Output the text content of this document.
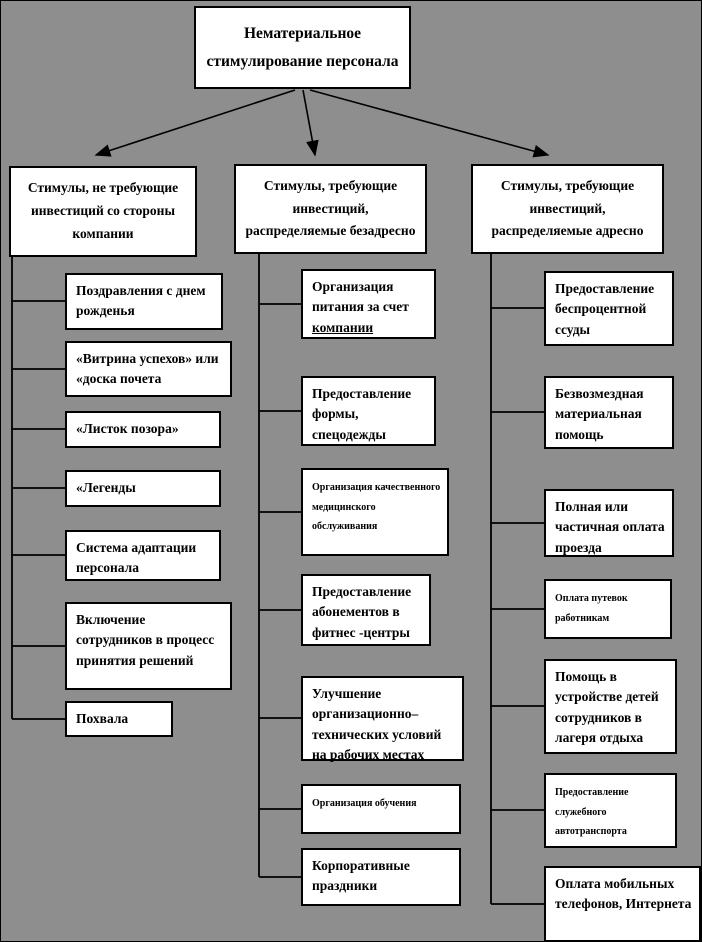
Нематериальное стимулирование персонала
Стимулы, не требующие инвестиций со стороны компании
Стимулы, требующие инвестиций, распределяемые безадресно
Стимулы, требующие инвестиций, распределяемые адресно
Поздравления с днем рожденья
«Витрина успехов» или «доска почета
«Листок позора»
«Легенды
Система адаптации персонала
Включение сотрудников в процесс принятия решений
Похвала
Организация питания за счет компании
Предоставление формы, спецодежды
Организация качественного медицинского обслуживания
Предоставление абонементов в фитнес -центры
Улучшение организационно–технических условий на рабочих местах
Организация обучения
Корпоративные праздники
Предоставление беспроцентной ссуды
Безвозмездная материальная помощь
Полная или частичная оплата проезда
Оплата путевок работникам
Помощь в устройстве детей сотрудников в лагеря отдыха
Предоставление служебного автотранспорта
Оплата мобильных телефонов, Интернета
